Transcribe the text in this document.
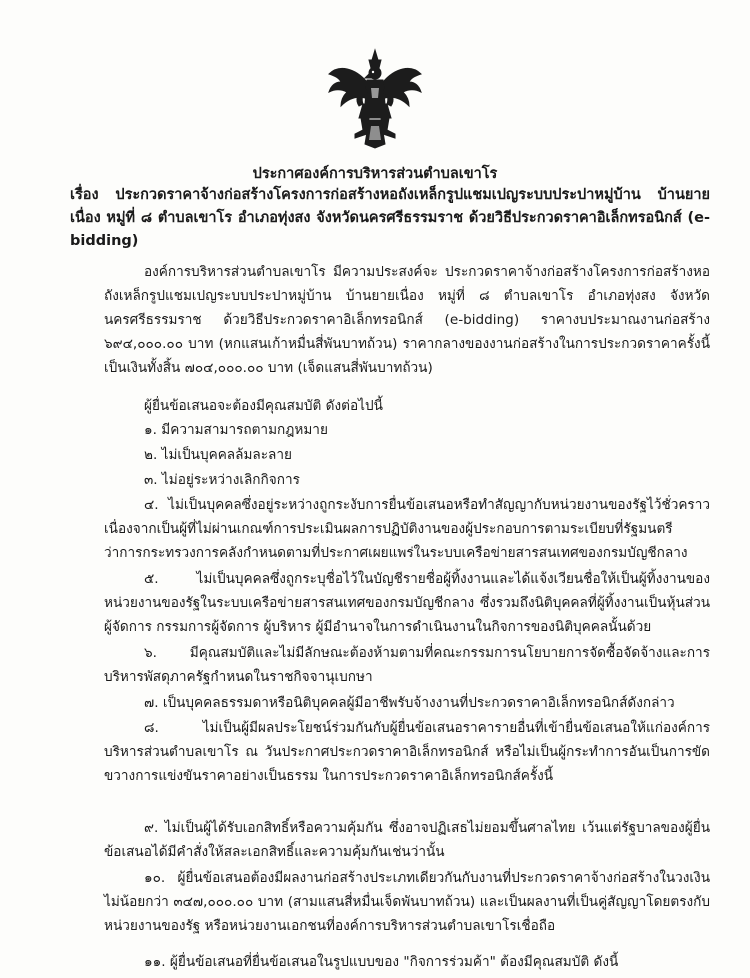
ประกาศองค์การบริหารส่วนตำบลเขาโร
เรื่อง ประกวดราคาจ้างก่อสร้างโครงการก่อสร้างหอถังเหล็กรูปแชมเปญระบบประปาหมู่บ้าน บ้านยายเนื่อง หมู่ที่ ๘ ตำบลเขาโร อำเภอทุ่งสง จังหวัดนครศรีธรรมราช ด้วยวิธีประกวดราคาอิเล็กทรอนิกส์ (e-bidding)
องค์การบริหารส่วนตำบลเขาโร มีความประสงค์จะ ประกวดราคาจ้างก่อสร้างโครงการก่อสร้างหอถังเหล็กรูปแชมเปญระบบประปาหมู่บ้าน บ้านยายเนื่อง หมู่ที่ ๘ ตำบลเขาโร อำเภอทุ่งสง จังหวัดนครศรีธรรมราช ด้วยวิธีประกวดราคาอิเล็กทรอนิกส์ (e-bidding) ราคางบประมาณงานก่อสร้าง ๖๙๔,๐๐๐.๐๐ บาท (หกแสนเก้าหมื่นสี่พันบาทถ้วน) ราคากลางของงานก่อสร้างในการประกวดราคาครั้งนี้เป็นเงินทั้งสิ้น ๗๐๔,๐๐๐.๐๐ บาท (เจ็ดแสนสี่พันบาทถ้วน)
ผู้ยื่นข้อเสนอจะต้องมีคุณสมบัติ ดังต่อไปนี้
๑. มีความสามารถตามกฎหมาย
๒. ไม่เป็นบุคคลล้มละลาย
๓. ไม่อยู่ระหว่างเลิกกิจการ
๔. ไม่เป็นบุคคลซึ่งอยู่ระหว่างถูกระงับการยื่นข้อเสนอหรือทำสัญญากับหน่วยงานของรัฐไว้ชั่วคราว เนื่องจากเป็นผู้ที่ไม่ผ่านเกณฑ์การประเมินผลการปฏิบัติงานของผู้ประกอบการตามระเบียบที่รัฐมนตรีว่าการกระทรวงการคลังกำหนดตามที่ประกาศเผยแพร่ในระบบเครือข่ายสารสนเทศของกรมบัญชีกลาง
๕. ไม่เป็นบุคคลซึ่งถูกระบุชื่อไว้ในบัญชีรายชื่อผู้ทิ้งงานและได้แจ้งเวียนชื่อให้เป็นผู้ทิ้งงานของหน่วยงานของรัฐในระบบเครือข่ายสารสนเทศของกรมบัญชีกลาง ซึ่งรวมถึงนิติบุคคลที่ผู้ทิ้งงานเป็นหุ้นส่วนผู้จัดการ กรรมการผู้จัดการ ผู้บริหาร ผู้มีอำนาจในการดำเนินงานในกิจการของนิติบุคคลนั้นด้วย
๖. มีคุณสมบัติและไม่มีลักษณะต้องห้ามตามที่คณะกรรมการนโยบายการจัดซื้อจัดจ้างและการบริหารพัสดุภาครัฐกำหนดในราชกิจจานุเบกษา
๗. เป็นบุคคลธรรมดาหรือนิติบุคคลผู้มีอาชีพรับจ้างงานที่ประกวดราคาอิเล็กทรอนิกส์ดังกล่าว
๘. ไม่เป็นผู้มีผลประโยชน์ร่วมกันกับผู้ยื่นข้อเสนอราคารายอื่นที่เข้ายื่นข้อเสนอให้แก่องค์การบริหารส่วนตำบลเขาโร ณ วันประกาศประกวดราคาอิเล็กทรอนิกส์ หรือไม่เป็นผู้กระทำการอันเป็นการขัดขวางการแข่งขันราคาอย่างเป็นธรรม ในการประกวดราคาอิเล็กทรอนิกส์ครั้งนี้
๙. ไม่เป็นผู้ได้รับเอกสิทธิ์หรือความคุ้มกัน ซึ่งอาจปฏิเสธไม่ยอมขึ้นศาลไทย เว้นแต่รัฐบาลของผู้ยื่นข้อเสนอได้มีคำสั่งให้สละเอกสิทธิ์และความคุ้มกันเช่นว่านั้น
๑๐. ผู้ยื่นข้อเสนอต้องมีผลงานก่อสร้างประเภทเดียวกันกับงานที่ประกวดราคาจ้างก่อสร้างในวงเงินไม่น้อยกว่า ๓๔๗,๐๐๐.๐๐ บาท (สามแสนสี่หมื่นเจ็ดพันบาทถ้วน) และเป็นผลงานที่เป็นคู่สัญญาโดยตรงกับหน่วยงานของรัฐ หรือหน่วยงานเอกชนที่องค์การบริหารส่วนตำบลเขาโรเชื่อถือ
๑๑. ผู้ยื่นข้อเสนอที่ยื่นข้อเสนอในรูปแบบของ "กิจการร่วมค้า" ต้องมีคุณสมบัติ ดังนี้
